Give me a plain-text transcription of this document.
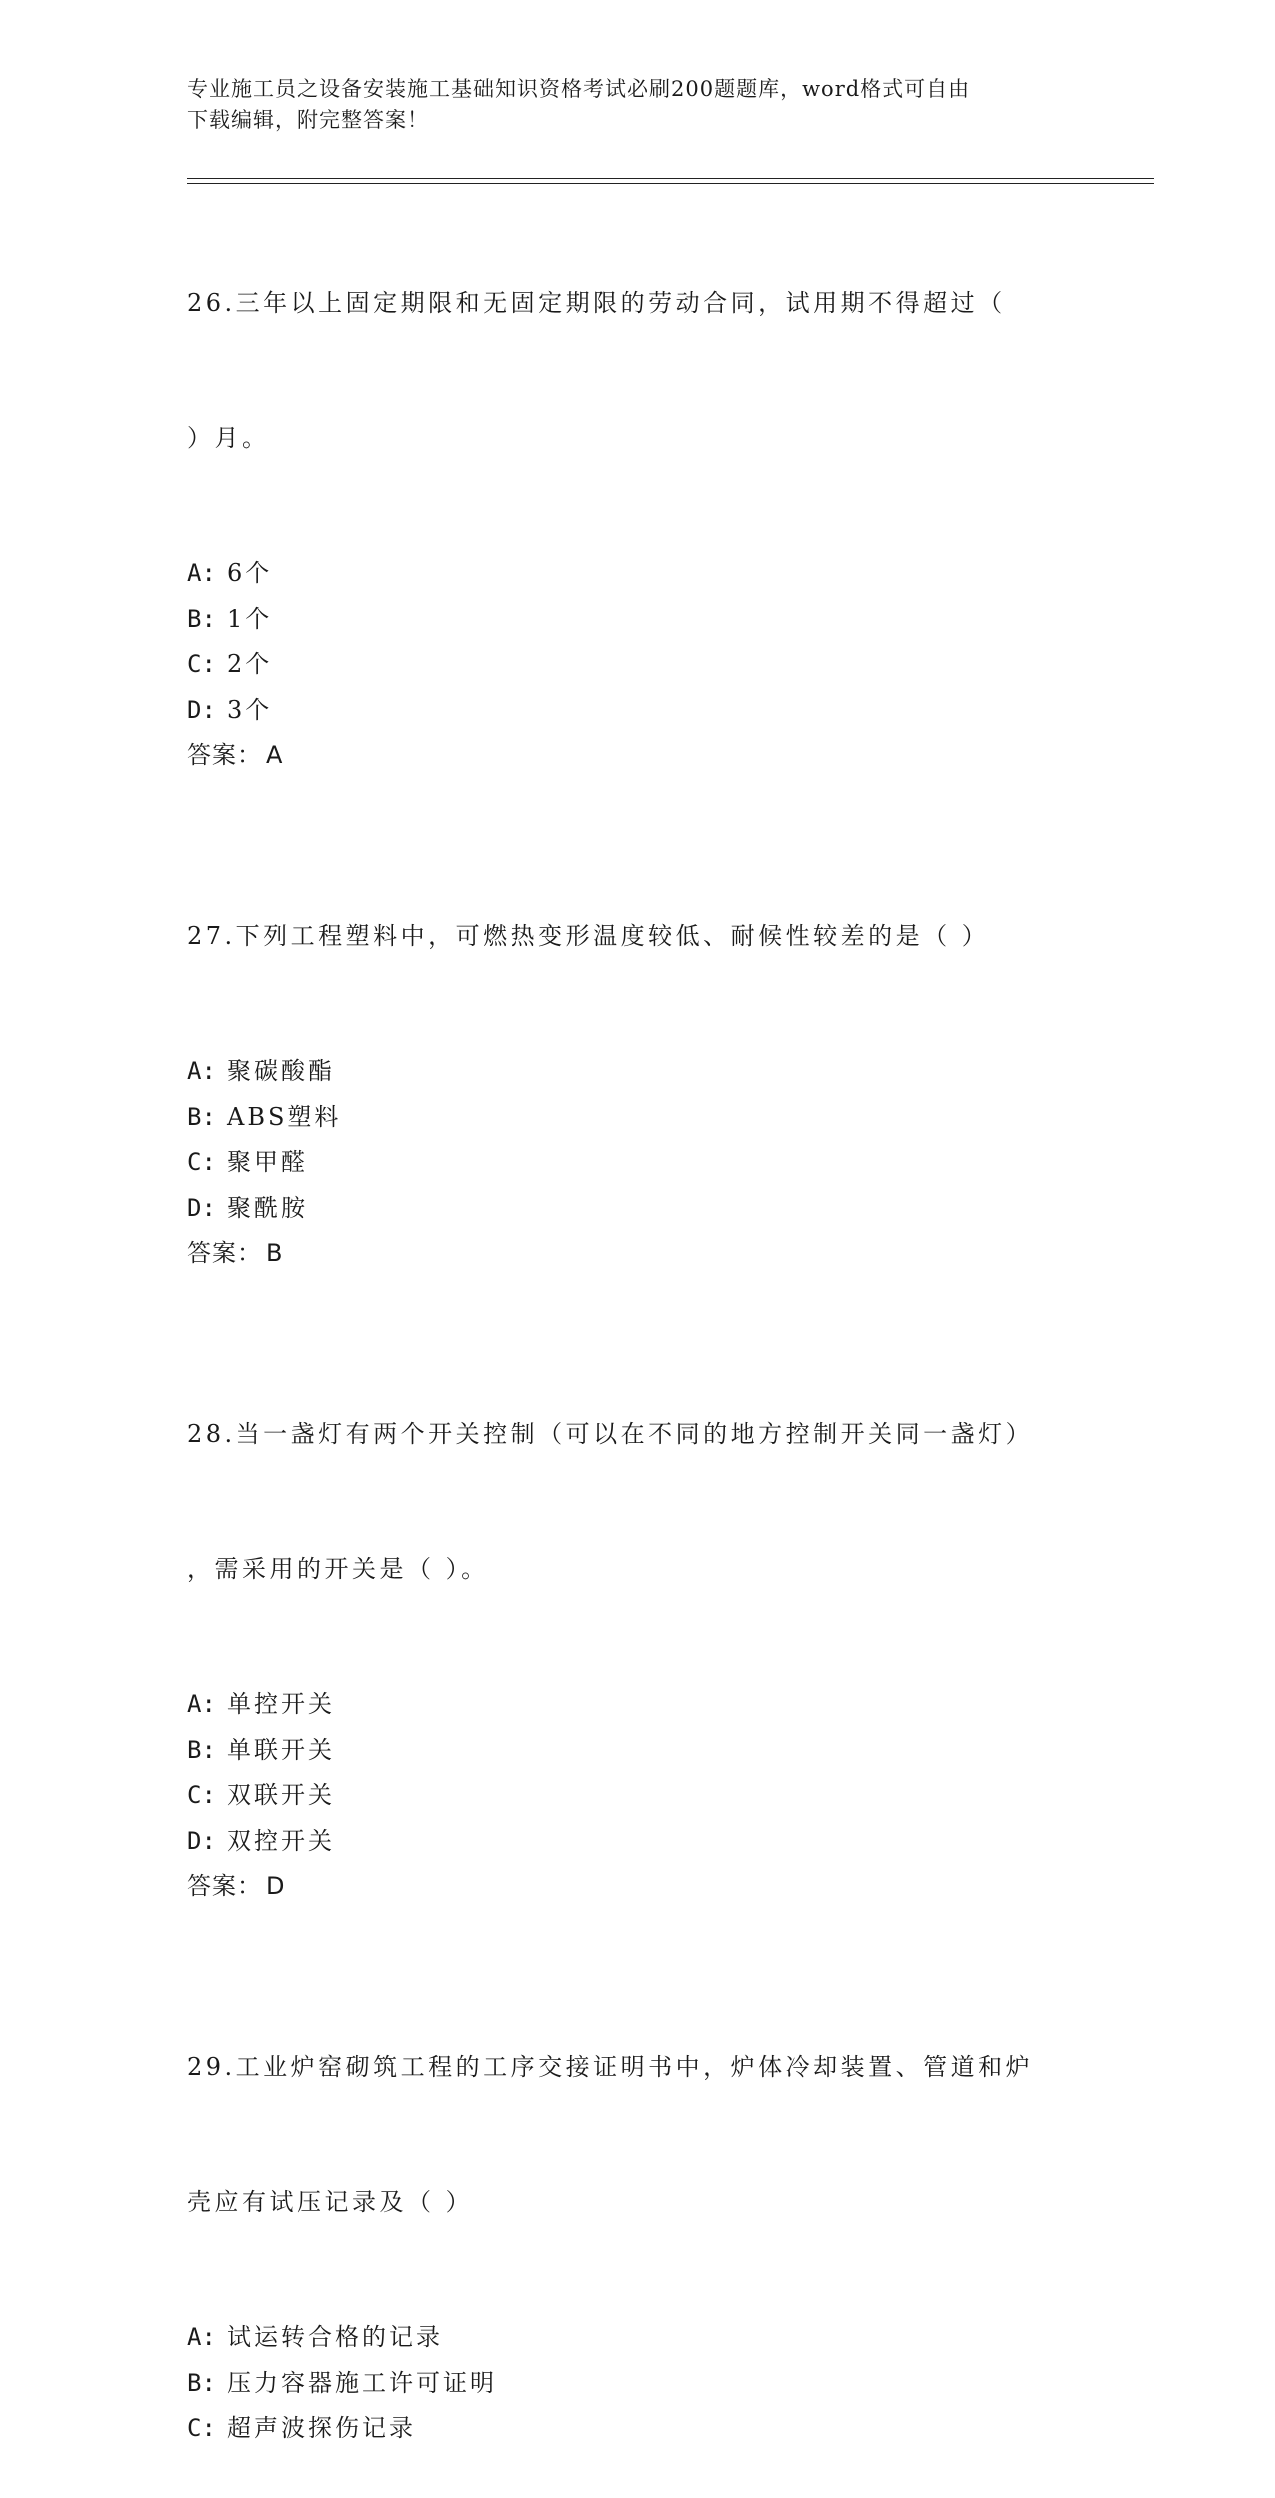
专业施工员之设备安装施工基础知识资格考试必刷200题题库，word格式可自由
下载编辑，附完整答案！

26.三年以上固定期限和无固定期限的劳动合同，试用期不得超过（

）月。

A: 6个
B: 1个
C: 2个
D: 3个
答案： A

27.下列工程塑料中，可燃热变形温度较低、耐候性较差的是（ ）

A: 聚碳酸酯
B: ABS塑料
C: 聚甲醛
D: 聚酰胺
答案： B

28.当一盏灯有两个开关控制（可以在不同的地方控制开关同一盏灯）

，需采用的开关是（ ）。

A: 单控开关
B: 单联开关
C: 双联开关
D: 双控开关
答案： D

29.工业炉窑砌筑工程的工序交接证明书中，炉体冷却装置、管道和炉

壳应有试压记录及（ ）

A: 试运转合格的记录
B: 压力容器施工许可证明
C: 超声波探伤记录
